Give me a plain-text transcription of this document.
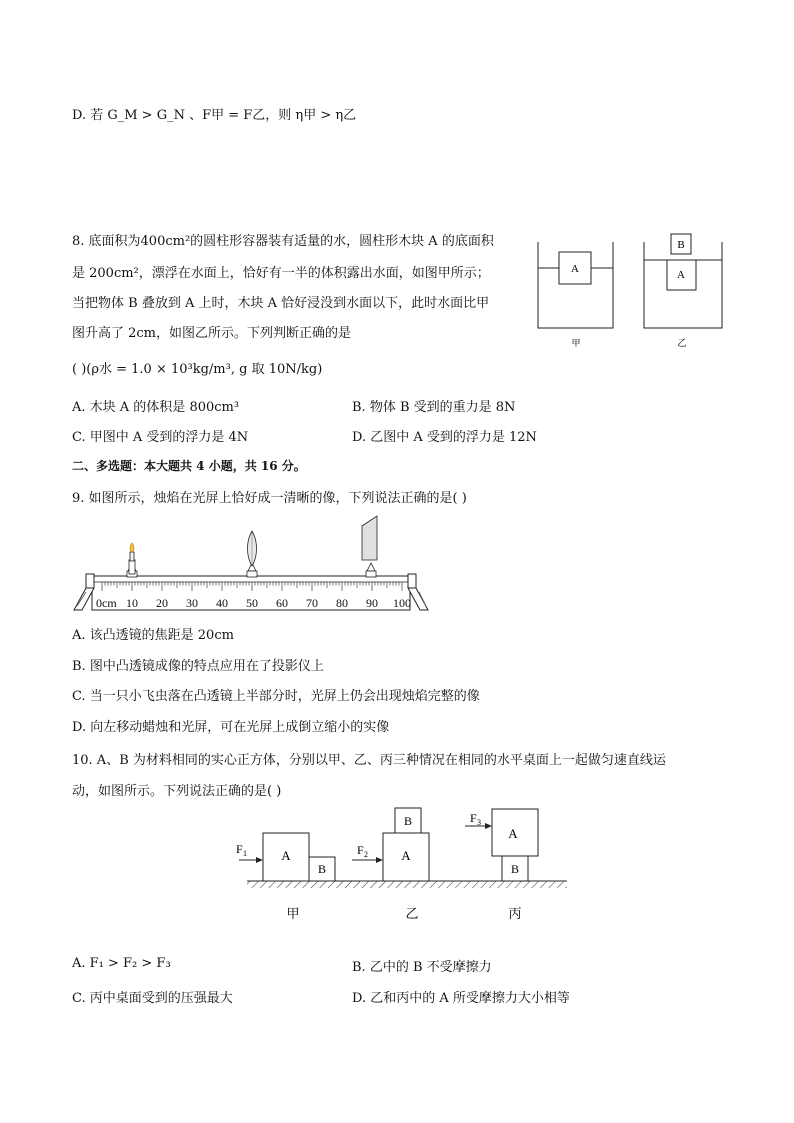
D. 若 G_M > G_N 、F甲 = F乙，则 η甲 > η乙
8. 底面积为400cm²的圆柱形容器装有适量的水，圆柱形木块 A 的底面积
是 200cm²，漂浮在水面上，恰好有一半的体积露出水面，如图甲所示；
当把物体 B 叠放到 A 上时，木块 A 恰好浸没到水面以下，此时水面比甲
图升高了 2cm，如图乙所示。下列判断正确的是
( )(ρ水 = 1.0 × 10³kg/m³, g 取 10N/kg)
A
甲
B
A
乙
A. 木块 A 的体积是 800cm³	B. 物体 B 受到的重力是 8N
C. 甲图中 A 受到的浮力是 4N	D. 乙图中 A 受到的浮力是 12N
二、多选题：本大题共 4 小题，共 16 分。
9. 如图所示，烛焰在光屏上恰好成一清晰的像，下列说法正确的是( )
0cm 10 20 30 40 50 60 70 80 90 100
A. 该凸透镜的焦距是 20cm
B. 图中凸透镜成像的特点应用在了投影仪上
C. 当一只小飞虫落在凸透镜上半部分时，光屏上仍会出现烛焰完整的像
D. 向左移动蜡烛和光屏，可在光屏上成倒立缩小的实像
10. A、B 为材料相同的实心正方体，分别以甲、乙、丙三种情况在相同的水平桌面上一起做匀速直线运
动，如图所示。下列说法正确的是( )
A
B
F 1	A
B
F 2
A
B
F 3
甲	乙	丙
A. F₁ > F₂ > F₃	B. 乙中的 B 不受摩擦力
C. 丙中桌面受到的压强最大	D. 乙和丙中的 A 所受摩擦力大小相等
